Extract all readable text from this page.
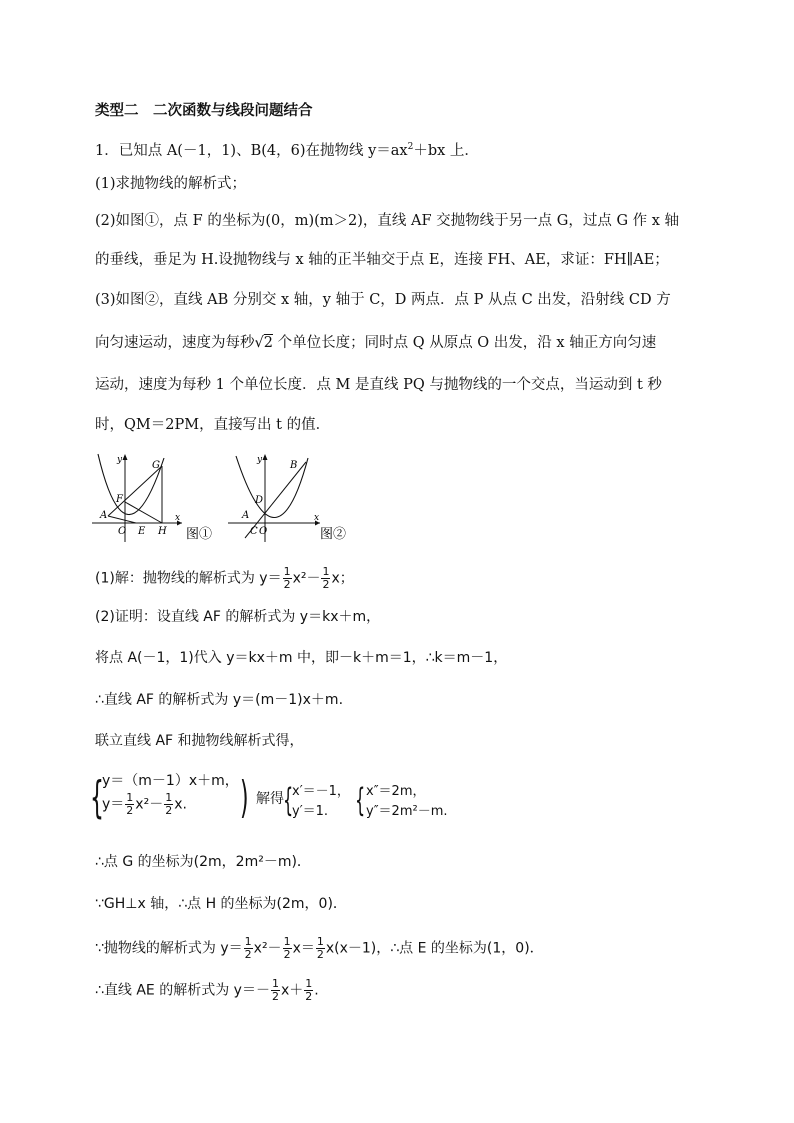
类型二　二次函数与线段问题结合
1．已知点 A(－1，1)、B(4，6)在抛物线 $y=ax^2+bx$ 上．
(1)求抛物线的解析式；
(2)如图①，点 F 的坐标为(0，m)(m＞2)，直线 AF 交抛物线于另一点 G，过点 G 作 x 轴
的垂线，垂足为 H.设抛物线与 x 轴的正半轴交于点 E，连接 FH、AE，求证：FH∥AE；
(3)如图②，直线 AB 分别交 x 轴，y 轴于 C，D 两点．点 P 从点 C 出发，沿射线 CD 方
向匀速运动，速度为每秒√2 个单位长度；同时点 Q 从原点 O 出发，沿 x 轴正方向匀速
运动，速度为每秒 1 个单位长度．点 M 是直线 PQ 与抛物线的一个交点，当运动到 t 秒
时，QM＝2PM，直接写出 t 的值．
y	G
F
A
O E H
x
图①
y	B
D
A
C O
x
图②
(1)解：抛物线的解析式为 $y= \frac{1}{2} x^2- \frac{1}{2}$ x；
(2)证明：设直线 AF 的解析式为 y＝kx＋m，
将点 A(－1，1)代入 y＝kx＋m 中，即－k＋m＝1，∴k＝m－1，
∴直线 AF 的解析式为 y＝(m－1)x＋m.
联立直线 AF 和抛物线解析式得，
{
y＝（m－1）x＋m，
$y= \frac{1}{2} x^2- \frac{1}{2} x$. ) 解得 {
x′＝－1，
y′＝1. { x″＝2m，
y″＝2m²－m.
∴点 G 的坐标为(2m，2m²－m)．
∵GH⊥x 轴，∴点 H 的坐标为(2m，0)．
∵抛物线的解析式为 $y= \frac{1}{2} x^2- \frac{1}{2} x= \frac{1}{2} x(x-1)$，∴点 E 的坐标为(1，0)．
∴直线 AE 的解析式为 $y=- \frac{1}{2} x+ \frac{1}{2}$ .
